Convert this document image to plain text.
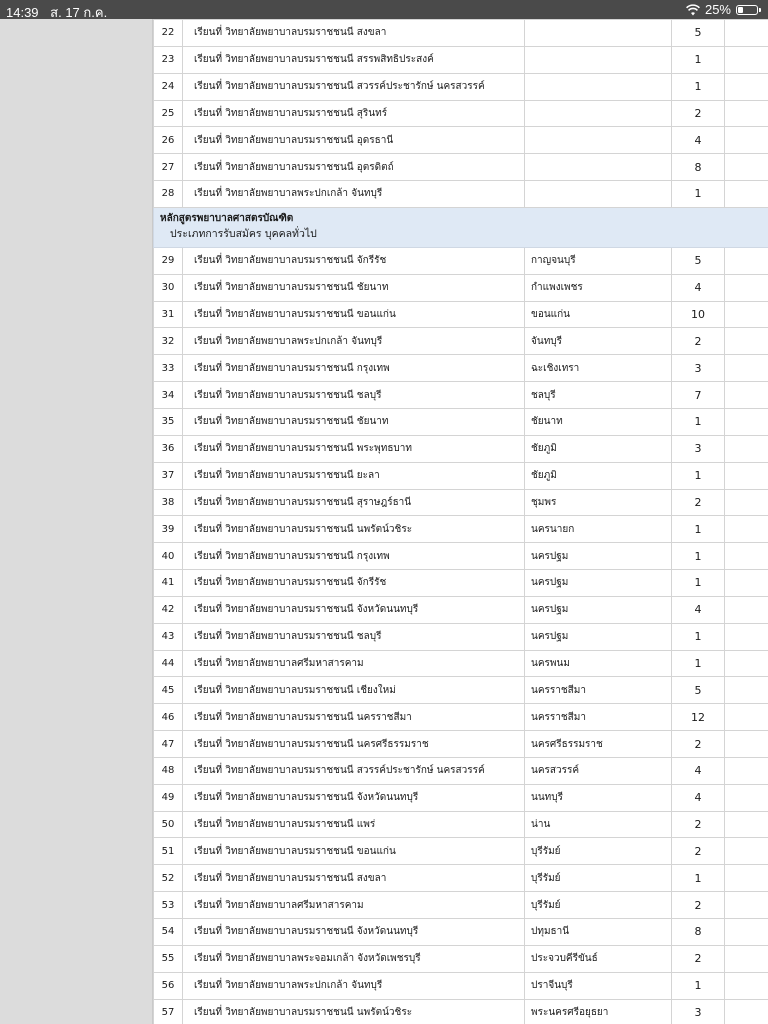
14:39 ส. 17 ก.ค.	25%
22	เรียนที่ วิทยาลัยพยาบาลบรมราชชนนี สงขลา		5	
23	เรียนที่ วิทยาลัยพยาบาลบรมราชชนนี สรรพสิทธิประสงค์		1	
24	เรียนที่ วิทยาลัยพยาบาลบรมราชชนนี สวรรค์ประชารักษ์ นครสวรรค์		1	
25	เรียนที่ วิทยาลัยพยาบาลบรมราชชนนี สุรินทร์		2	
26	เรียนที่ วิทยาลัยพยาบาลบรมราชชนนี อุดรธานี		4	
27	เรียนที่ วิทยาลัยพยาบาลบรมราชชนนี อุตรดิตถ์		8	
28	เรียนที่ วิทยาลัยพยาบาลพระปกเกล้า จันทบุรี		1	

หลักสูตรพยาบาลศาสตรบัณฑิต
ประเภทการรับสมัคร บุคคลทั่วไป				

29	เรียนที่ วิทยาลัยพยาบาลบรมราชชนนี จักรีรัช	กาญจนบุรี	5	
30	เรียนที่ วิทยาลัยพยาบาลบรมราชชนนี ชัยนาท	กำแพงเพชร	4	
31	เรียนที่ วิทยาลัยพยาบาลบรมราชชนนี ขอนแก่น	ขอนแก่น	10	
32	เรียนที่ วิทยาลัยพยาบาลพระปกเกล้า จันทบุรี	จันทบุรี	2	
33	เรียนที่ วิทยาลัยพยาบาลบรมราชชนนี กรุงเทพ	ฉะเชิงเทรา	3	
34	เรียนที่ วิทยาลัยพยาบาลบรมราชชนนี ชลบุรี	ชลบุรี	7	
35	เรียนที่ วิทยาลัยพยาบาลบรมราชชนนี ชัยนาท	ชัยนาท	1	
36	เรียนที่ วิทยาลัยพยาบาลบรมราชชนนี พระพุทธบาท	ชัยภูมิ	3	
37	เรียนที่ วิทยาลัยพยาบาลบรมราชชนนี ยะลา	ชัยภูมิ	1	
38	เรียนที่ วิทยาลัยพยาบาลบรมราชชนนี สุราษฎร์ธานี	ชุมพร	2	
39	เรียนที่ วิทยาลัยพยาบาลบรมราชชนนี นพรัตน์วชิระ	นครนายก	1	
40	เรียนที่ วิทยาลัยพยาบาลบรมราชชนนี กรุงเทพ	นครปฐม	1	
41	เรียนที่ วิทยาลัยพยาบาลบรมราชชนนี จักรีรัช	นครปฐม	1	
42	เรียนที่ วิทยาลัยพยาบาลบรมราชชนนี จังหวัดนนทบุรี	นครปฐม	4	
43	เรียนที่ วิทยาลัยพยาบาลบรมราชชนนี ชลบุรี	นครปฐม	1	
44	เรียนที่ วิทยาลัยพยาบาลศรีมหาสารคาม	นครพนม	1	
45	เรียนที่ วิทยาลัยพยาบาลบรมราชชนนี เชียงใหม่	นครราชสีมา	5	
46	เรียนที่ วิทยาลัยพยาบาลบรมราชชนนี นครราชสีมา	นครราชสีมา	12	
47	เรียนที่ วิทยาลัยพยาบาลบรมราชชนนี นครศรีธรรมราช	นครศรีธรรมราช	2	
48	เรียนที่ วิทยาลัยพยาบาลบรมราชชนนี สวรรค์ประชารักษ์ นครสวรรค์	นครสวรรค์	4	
49	เรียนที่ วิทยาลัยพยาบาลบรมราชชนนี จังหวัดนนทบุรี	นนทบุรี	4	
50	เรียนที่ วิทยาลัยพยาบาลบรมราชชนนี แพร่	น่าน	2	
51	เรียนที่ วิทยาลัยพยาบาลบรมราชชนนี ขอนแก่น	บุรีรัมย์	2	
52	เรียนที่ วิทยาลัยพยาบาลบรมราชชนนี สงขลา	บุรีรัมย์	1	
53	เรียนที่ วิทยาลัยพยาบาลศรีมหาสารคาม	บุรีรัมย์	2	
54	เรียนที่ วิทยาลัยพยาบาลบรมราชชนนี จังหวัดนนทบุรี	ปทุมธานี	8	
55	เรียนที่ วิทยาลัยพยาบาลพระจอมเกล้า จังหวัดเพชรบุรี	ประจวบคีรีขันธ์	2	
56	เรียนที่ วิทยาลัยพยาบาลพระปกเกล้า จันทบุรี	ปราจีนบุรี	1	
57	เรียนที่ วิทยาลัยพยาบาลบรมราชชนนี นพรัตน์วชิระ	พระนครศรีอยุธยา	3	
